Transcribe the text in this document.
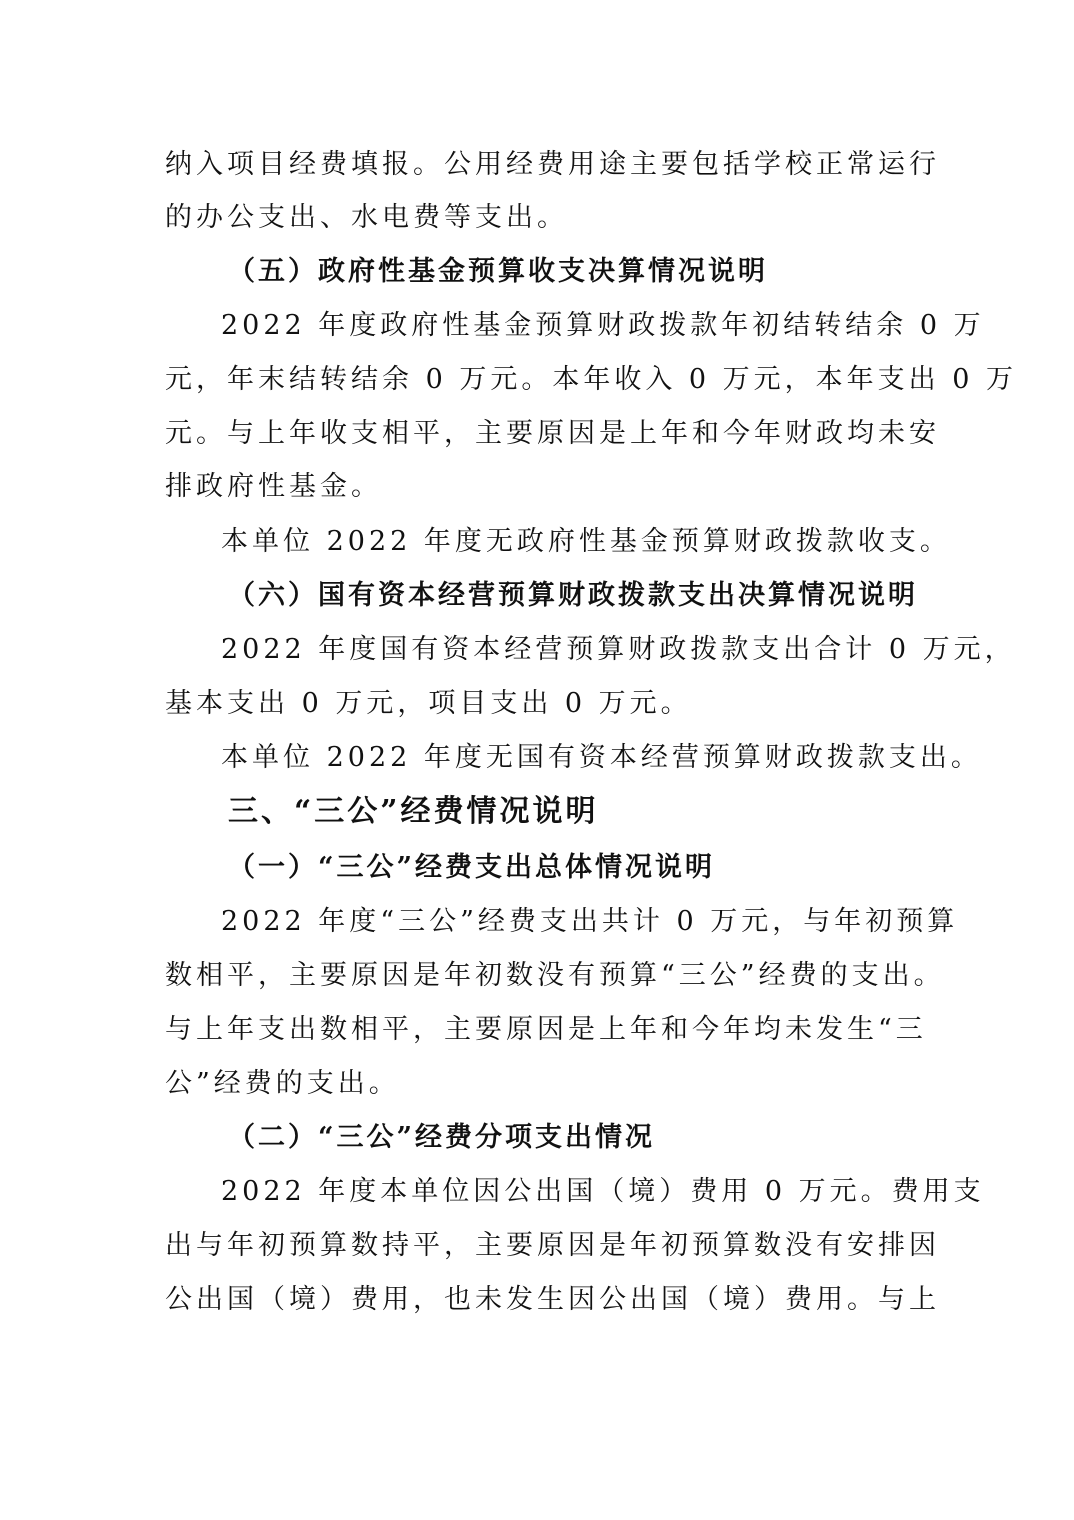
纳入项目经费填报。公用经费用途主要包括学校正常运行
的办公支出、水电费等支出。
（五）政府性基金预算收支决算情况说明
2022 年度政府性基金预算财政拨款年初结转结余 0 万
元，年末结转结余 0 万元。本年收入 0 万元，本年支出 0 万
元。与上年收支相平，主要原因是上年和今年财政均未安
排政府性基金。
本单位 2022 年度无政府性基金预算财政拨款收支。
（六）国有资本经营预算财政拨款支出决算情况说明
2022 年度国有资本经营预算财政拨款支出合计 0 万元，
基本支出 0 万元，项目支出 0 万元。
本单位 2022 年度无国有资本经营预算财政拨款支出。
三、“三公”经费情况说明
（一）“三公”经费支出总体情况说明
2022 年度“三公”经费支出共计 0 万元，与年初预算
数相平，主要原因是年初数没有预算“三公”经费的支出。
与上年支出数相平，主要原因是上年和今年均未发生“三
公”经费的支出。
（二）“三公”经费分项支出情况
2022 年度本单位因公出国（境）费用 0 万元。费用支
出与年初预算数持平，主要原因是年初预算数没有安排因
公出国（境）费用，也未发生因公出国（境）费用。与上
